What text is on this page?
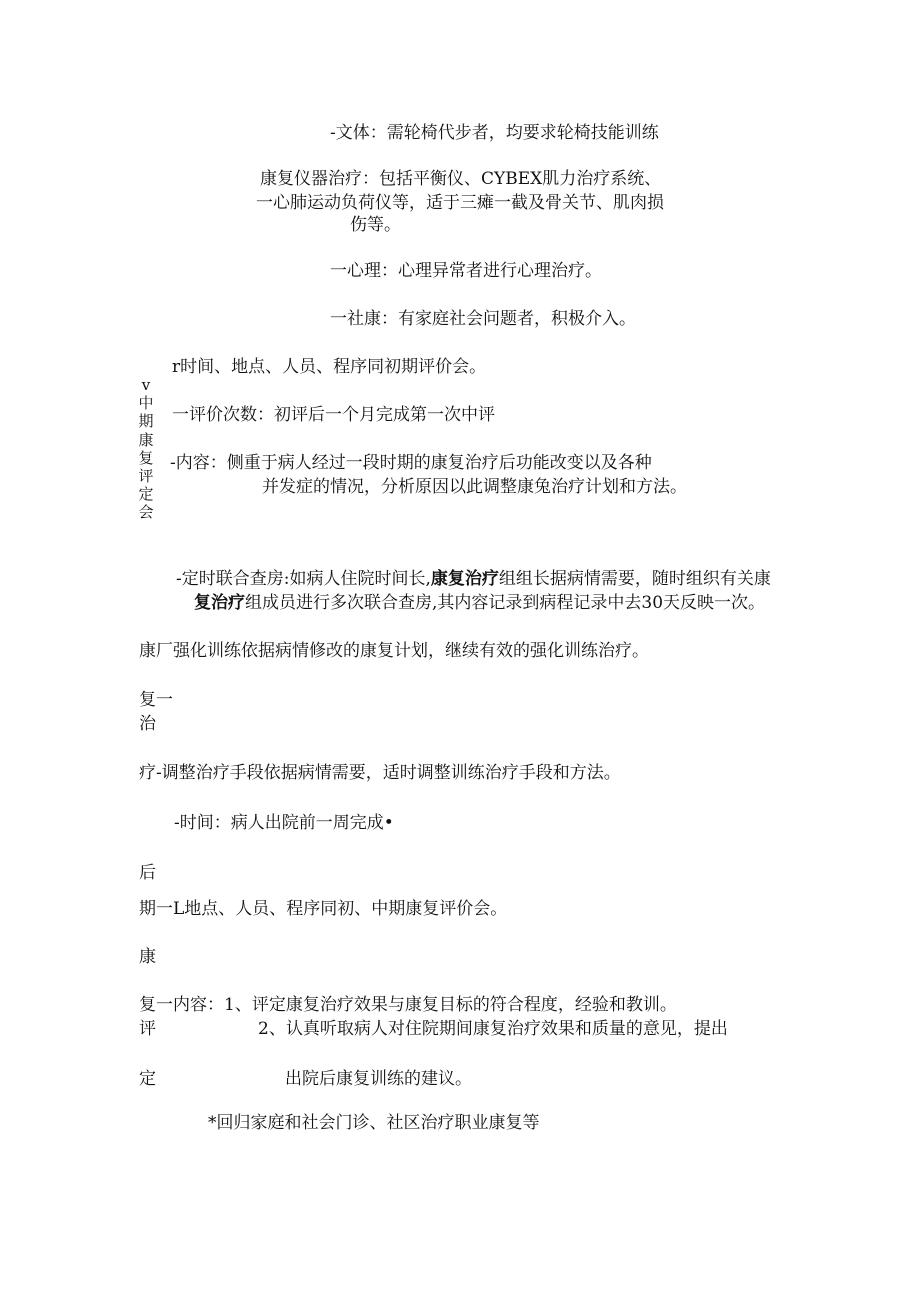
-文体：需轮椅代步者，均要求轮椅技能训练
康复仪器治疗：包括平衡仪、CYBEX肌力治疗系统、
一心肺运动负荷仪等，适于三瘫一截及骨关节、肌肉损
伤等。
一心理：心理异常者进行心理治疗。
一社康：有家庭社会问题者，积极介入。
v
中
期
康
复
评
定
会
r时间、地点、人员、程序同初期评价会。
一评价次数：初评后一个月完成第一次中评
-内容：侧重于病人经过一段时期的康复治疗后功能改变以及各种
并发症的情况，分析原因以此调整康兔治疗计划和方法。
-定时联合查房:如病人住院时间长,康复治疗组组长据病情需要，随时组织有关康
复治疗组成员进行多次联合查房,其内容记录到病程记录中去30天反映一次。
康厂强化训练依据病情修改的康复计划，继续有效的强化训练治疗。
复一
治
疗-调整治疗手段依据病情需要，适时调整训练治疗手段和方法。
-时间：病人出院前一周完成•
后
期一L地点、人员、程序同初、中期康复评价会。
康
复一内容：1、评定康复治疗效果与康复目标的符合程度，经验和教训。
评	2、认真听取病人对住院期间康复治疗效果和质量的意见，提出
定	出院后康复训练的建议。
*回归家庭和社会门诊、社区治疗职业康复等
